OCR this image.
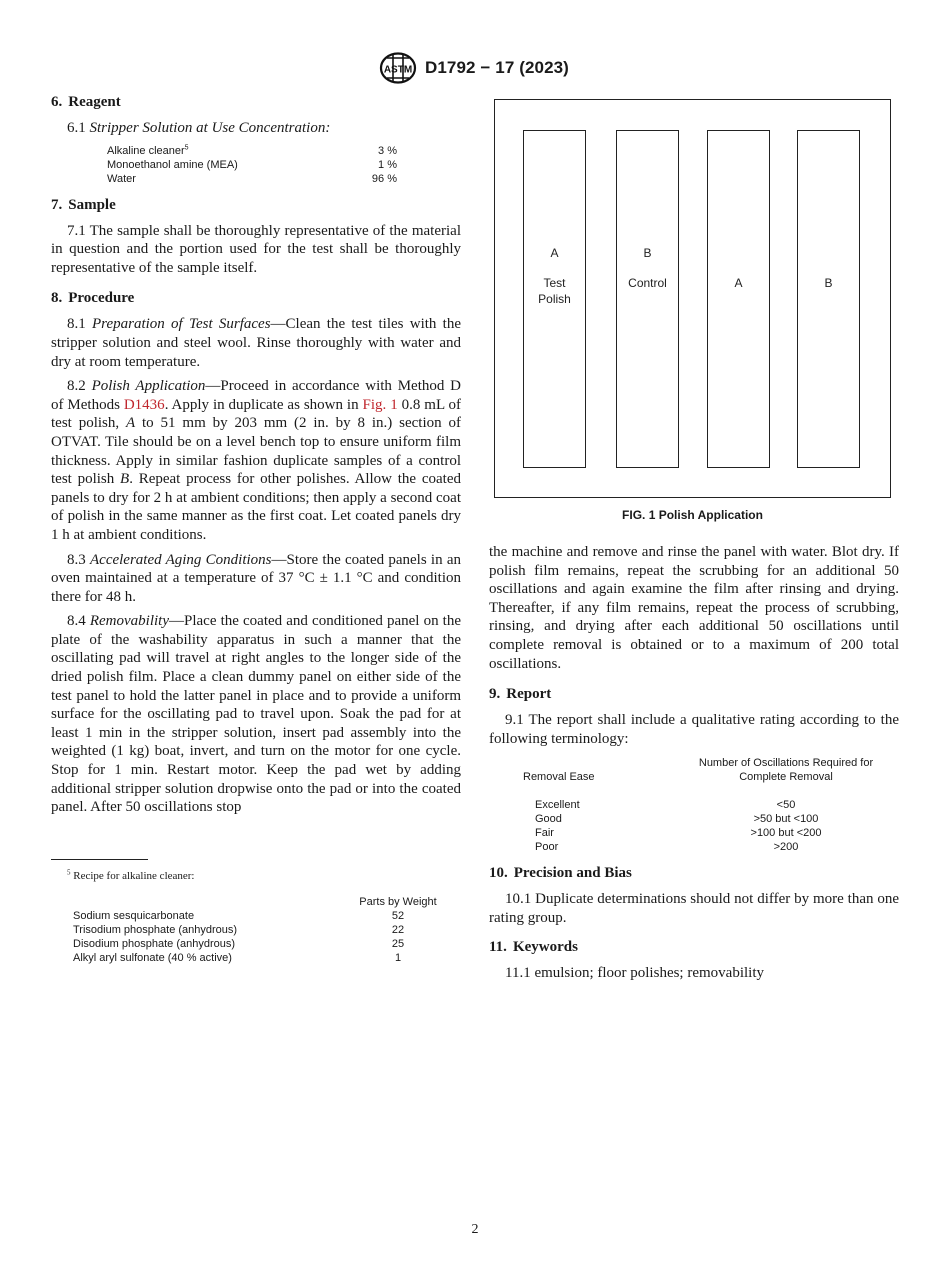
ASTM D1792 − 17 (2023)
6. Reagent

6.1 Stripper Solution at Use Concentration:

Alkaline cleaner$^5$	3 %
Monoethanol amine (MEA)	1 %
Water	96 %
7. Sample

7.1 The sample shall be thoroughly representative of the material in question and the portion used for the test shall be thoroughly representative of the sample itself.

8. Procedure

8.1 Preparation of Test Surfaces—Clean the test tiles with the stripper solution and steel wool. Rinse thoroughly with water and dry at room temperature.

8.2 Polish Application—Proceed in accordance with Method D of Methods D1436. Apply in duplicate as shown in Fig. 1 0.8 mL of test polish, A to 51 mm by 203 mm (2 in. by 8 in.) section of OTVAT. Tile should be on a level bench top to ensure uniform film thickness. Apply in similar fashion duplicate samples of a control test polish B. Repeat process for other polishes. Allow the coated panels to dry for 2 h at ambient conditions; then apply a second coat of polish in the same manner as the first coat. Let coated panels dry 1 h at ambient conditions.

8.3 Accelerated Aging Conditions—Store the coated panels in an oven maintained at a temperature of 37 °C ± 1.1 °C and condition there for 48 h.

8.4 Removability—Place the coated and conditioned panel on the plate of the washability apparatus in such a manner that the oscillating pad will travel at right angles to the longer side of the dried polish film. Place a clean dummy panel on either side of the test panel to hold the latter panel in place and to provide a uniform surface for the oscillating pad to travel upon. Soak the pad for at least 1 min in the stripper solution, insert pad assembly into the weighted (1 kg) boat, invert, and turn on the motor for one cycle. Stop for 1 min. Restart motor. Keep the pad wet by adding additional stripper solution dropwise onto the pad or into the coated panel. After 50 oscillations stop

$^5$ Recipe for alkaline cleaner:
	Parts by Weight
Sodium sesquicarbonate	52
Trisodium phosphate (anhydrous)	22
Disodium phosphate (anhydrous)	25
Alkyl aryl sulfonate (40 % active)	1
A
Test
Polish
B
Control	A	B
FIG. 1 Polish Application

the machine and remove and rinse the panel with water. Blot dry. If polish film remains, repeat the scrubbing for an additional 50 oscillations and again examine the film after rinsing and drying. Thereafter, if any film remains, repeat the process of scrubbing, rinsing, and drying after each additional 50 oscillations until complete removal is obtained or to a maximum of 200 total oscillations.

9. Report

9.1 The report shall include a qualitative rating according to the following terminology:

	Number of Oscillations Required for
Removal Ease	Complete Removal

Excellent	<50
Good	>50 but <100
Fair	>100 but <200
Poor	>200
10. Precision and Bias

10.1 Duplicate determinations should not differ by more than one rating group.

11. Keywords

11.1 emulsion; floor polishes; removability

2
